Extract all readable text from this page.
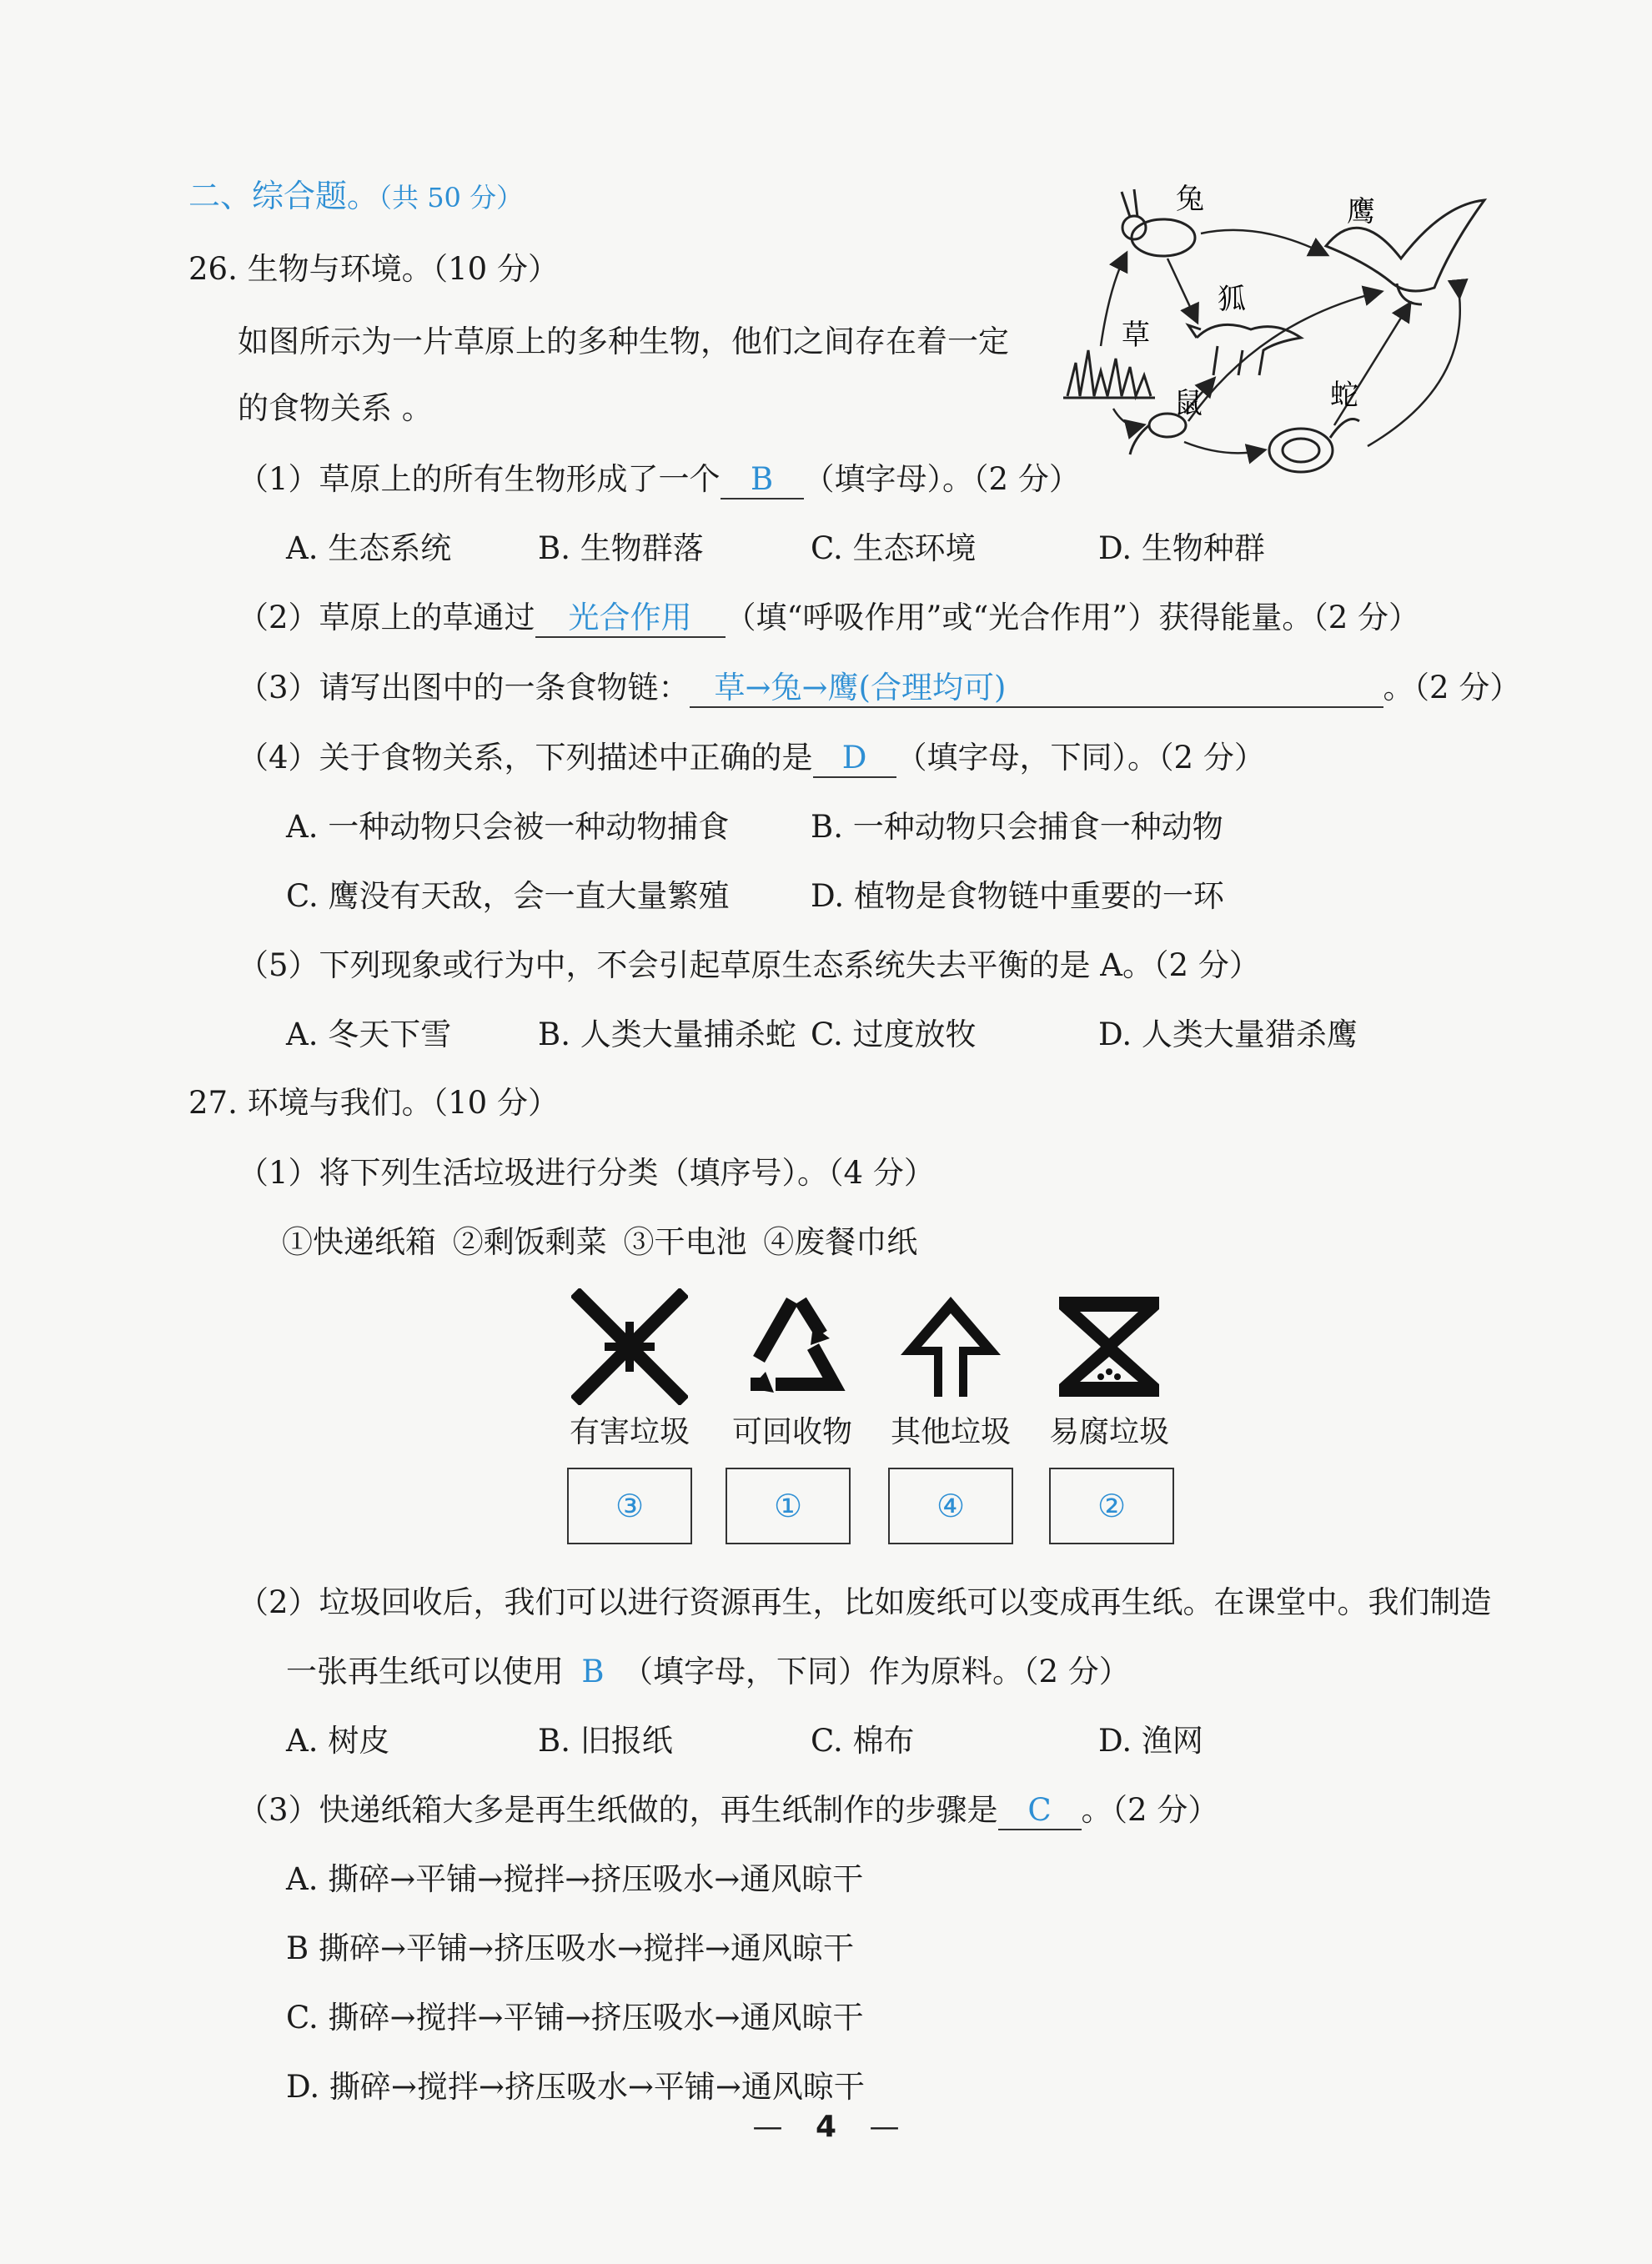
二、综合题。（共 50 分）
26. 生物与环境。（10 分）
如图所示为一片草原上的多种生物，他们之间存在着一定
的食物关系 。
兔	鹰
狐
草
鼠	蛇
（1）草原上的所有生物形成了一个 B （填字母）。（2 分）
A. 生态系统	B. 生物群落	C. 生态环境	D. 生物种群
（2）草原上的草通过 光合作用 （填“呼吸作用”或“光合作用”）获得能量。（2 分）
（3）请写出图中的一条食物链： 草→兔→鹰(合理均可)	。（2 分）
（4）关于食物关系，下列描述中正确的是 D （填字母，下同）。（2 分）
A. 一种动物只会被一种动物捕食	B. 一种动物只会捕食一种动物
C. 鹰没有天敌，会一直大量繁殖	D. 植物是食物链中重要的一环
（5）下列现象或行为中，不会引起草原生态系统失去平衡的是 A。（2 分）
A. 冬天下雪	B. 人类大量捕杀蛇 C. 过度放牧	D. 人类大量猎杀鹰
27. 环境与我们。（10 分）
（1）将下列生活垃圾进行分类（填序号）。（4 分）
①快递纸箱 ②剩饭剩菜 ③干电池 ④废餐巾纸
有害垃圾 可回收物 其他垃圾 易腐垃圾
③	①	④	②
（2）垃圾回收后，我们可以进行资源再生，比如废纸可以变成再生纸。在课堂中。我们制造
一张再生纸可以使用 B （填字母，下同）作为原料。（2 分）
A. 树皮	B. 旧报纸	C. 棉布	D. 渔网
（3）快递纸箱大多是再生纸做的，再生纸制作的步骤是 C 。（2 分）
A. 撕碎→平铺→搅拌→挤压吸水→通风晾干
B 撕碎→平铺→挤压吸水→搅拌→通风晾干
C. 撕碎→搅拌→平铺→挤压吸水→通风晾干
D. 撕碎→搅拌→挤压吸水→平铺→通风晾干
— 4 —
